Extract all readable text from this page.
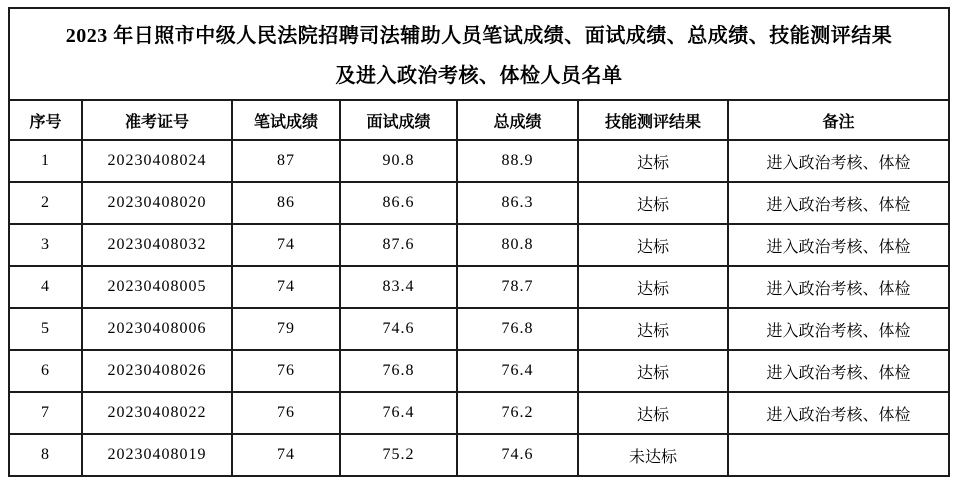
2023 年日照市中级人民法院招聘司法辅助人员笔试成绩、面试成绩、总成绩、技能测评结果
及进入政治考核、体检人员名单						

序号	准考证号	笔试成绩	面试成绩	总成绩	技能测评结果	备注
1	20230408024	87	90.8	88.9	达标	进入政治考核、体检
2	20230408020	86	86.6	86.3	达标	进入政治考核、体检
3	20230408032	74	87.6	80.8	达标	进入政治考核、体检
4	20230408005	74	83.4	78.7	达标	进入政治考核、体检
5	20230408006	79	74.6	76.8	达标	进入政治考核、体检
6	20230408026	76	76.8	76.4	达标	进入政治考核、体检
7	20230408022	76	76.4	76.2	达标	进入政治考核、体检
8	20230408019	74	75.2	74.6	未达标	
